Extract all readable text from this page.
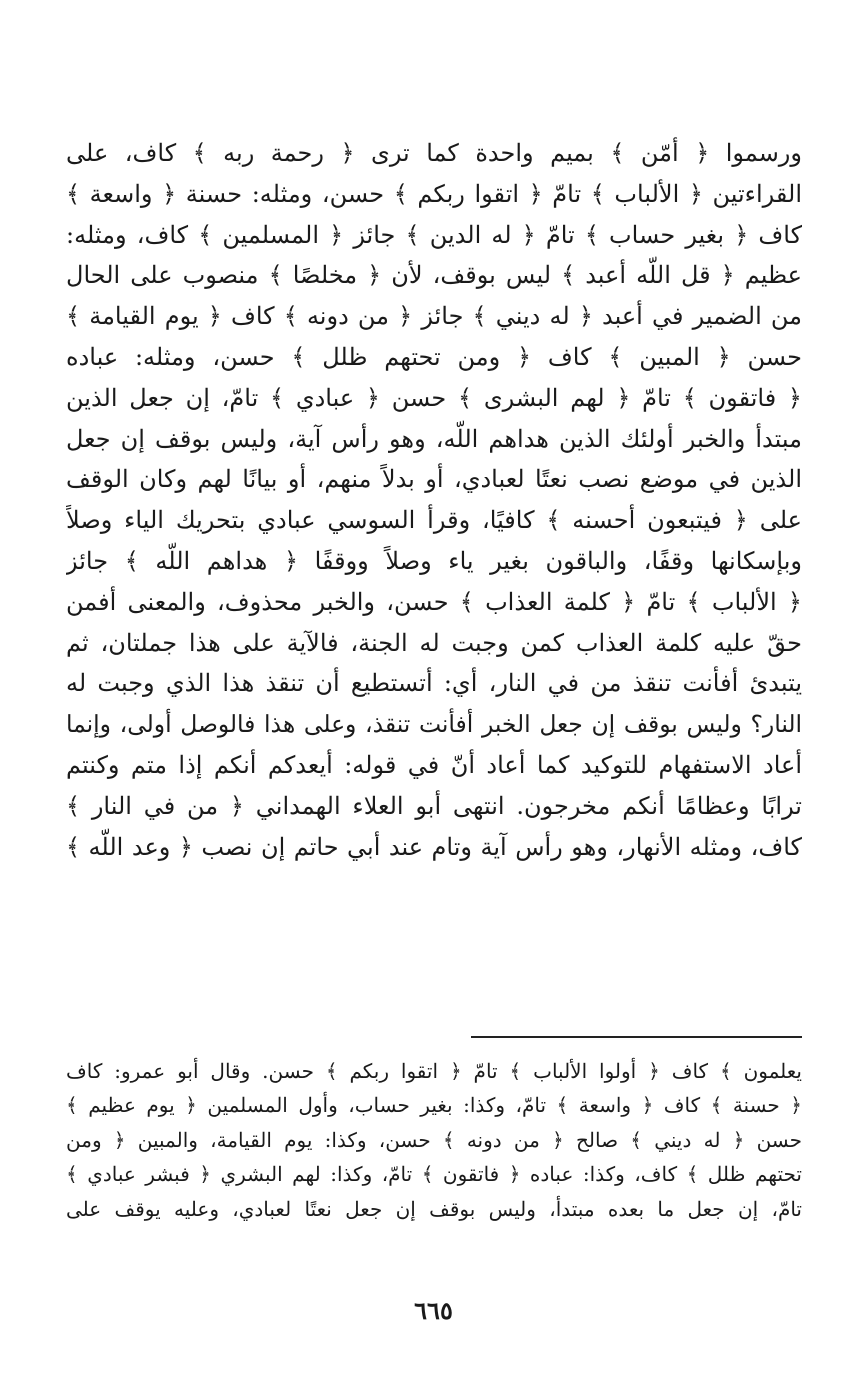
ورسموا ﴿ أمّن ﴾ بميم واحدة كما ترى ﴿ رحمة ربه ﴾ كاف، على
القراءتين ﴿ الألباب ﴾ تامّ ﴿ اتقوا ربكم ﴾ حسن، ومثله: حسنة ﴿ واسعة ﴾
كاف ﴿ بغير حساب ﴾ تامّ ﴿ له الدين ﴾ جائز ﴿ المسلمين ﴾ كاف، ومثله:
عظيم ﴿ قل اللّه أعبد ﴾ ليس بوقف، لأن ﴿ مخلصًا ﴾ منصوب على الحال
من الضمير في أعبد ﴿ له ديني ﴾ جائز ﴿ من دونه ﴾ كاف ﴿ يوم القيامة ﴾
حسن ﴿ المبين ﴾ كاف ﴿ ومن تحتهم ظلل ﴾ حسن، ومثله: عباده
﴿ فاتقون ﴾ تامّ ﴿ لهم البشرى ﴾ حسن ﴿ عبادي ﴾ تامّ، إن جعل الذين
مبتدأ والخبر أولئك الذين هداهم اللّه، وهو رأس آية، وليس بوقف إن جعل
الذين في موضع نصب نعتًا لعبادي، أو بدلاً منهم، أو بيانًا لهم وكان الوقف
على ﴿ فيتبعون أحسنه ﴾ كافيًا، وقرأ السوسي عبادي بتحريك الياء وصلاً
وبإسكانها وقفًا، والباقون بغير ياء وصلاً ووقفًا ﴿ هداهم اللّه ﴾ جائز
﴿ الألباب ﴾ تامّ ﴿ كلمة العذاب ﴾ حسن، والخبر محذوف، والمعنى أفمن
حقّ عليه كلمة العذاب كمن وجبت له الجنة، فالآية على هذا جملتان، ثم
يتبدئ أفأنت تنقذ من في النار، أي: أتستطيع أن تنقذ هذا الذي وجبت له
النار؟ وليس بوقف إن جعل الخبر أفأنت تنقذ، وعلى هذا فالوصل أولى، وإنما
أعاد الاستفهام للتوكيد كما أعاد أنّ في قوله: أيعدكم أنكم إذا متم وكنتم
ترابًا وعظامًا أنكم مخرجون. انتهى أبو العلاء الهمداني ﴿ من في النار ﴾
كاف، ومثله الأنهار، وهو رأس آية وتام عند أبي حاتم إن نصب ﴿ وعد اللّه ﴾
يعلمون ﴾ كاف ﴿ أولوا الألباب ﴾ تامّ ﴿ اتقوا ربكم ﴾ حسن. وقال أبو عمرو: كاف
﴿ حسنة ﴾ كاف ﴿ واسعة ﴾ تامّ، وكذا: بغير حساب، وأول المسلمين ﴿ يوم عظيم ﴾
حسن ﴿ له ديني ﴾ صالح ﴿ من دونه ﴾ حسن، وكذا: يوم القيامة، والمبين ﴿ ومن
تحتهم ظلل ﴾ كاف، وكذا: عباده ﴿ فاتقون ﴾ تامّ، وكذا: لهم البشري ﴿ فبشر عبادي ﴾
تامّ، إن جعل ما بعده مبتدأ، وليس بوقف إن جعل نعتًا لعبادي، وعليه يوقف على
٦٦٥
